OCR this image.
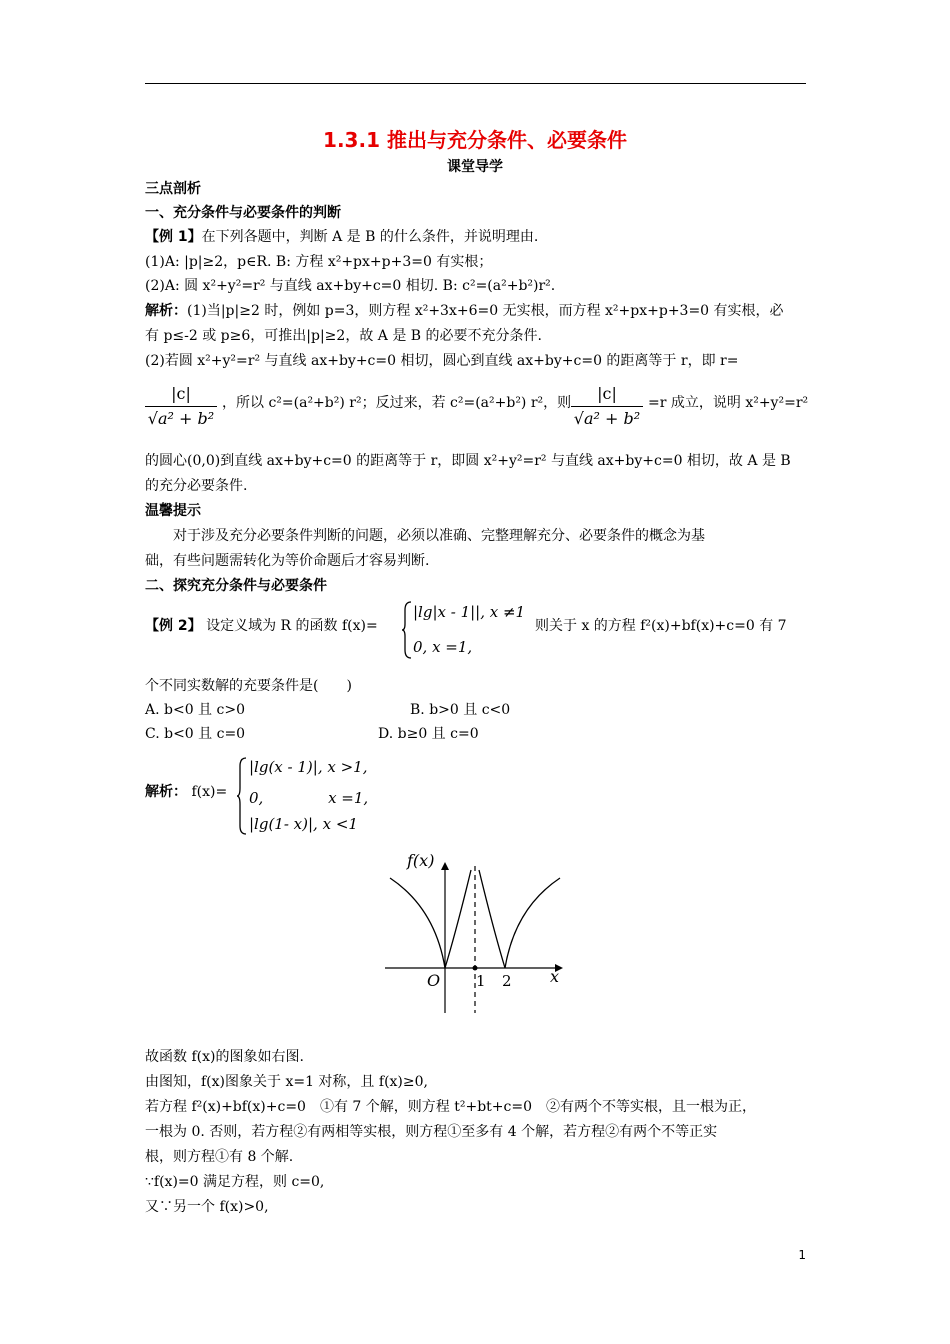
1.3.1 推出与充分条件、必要条件
课堂导学
三点剖析
一、充分条件与必要条件的判断
【例 1】在下列各题中，判断 A 是 B 的什么条件，并说明理由.
(1)A: |p|≥2，p∈R. B: 方程 x²+px+p+3=0 有实根；
(2)A: 圆 x²+y²=r² 与直线 ax+by+c=0 相切. B: c²=(a²+b²)r².
解析：(1)当|p|≥2 时，例如 p=3，则方程 x²+3x+6=0 无实根，而方程 x²+px+p+3=0 有实根，必
有 p≤-2 或 p≥6，可推出|p|≥2，故 A 是 B 的必要不充分条件.
(2)若圆 x²+y²=r² 与直线 ax+by+c=0 相切，圆心到直线 ax+by+c=0 的距离等于 r，即 r=
$\frac{|c|}{\text{√a² + b²}}$ ，所以 c²=(a²+b²) r²；反过来，若 c²=(a²+b²) r²，则 $\frac{|c|}{\text{√a² + b²}} =r$ 成立，说明 x²+y²=r²
的圆心(0,0)到直线 ax+by+c=0 的距离等于 r，即圆 x²+y²=r² 与直线 ax+by+c=0 相切，故 A 是 B
的充分必要条件.
温馨提示
对于涉及充分必要条件判断的问题，必须以准确、完整理解充分、必要条件的概念为基
础，有些问题需转化为等价命题后才容易判断.
二、探究充分条件与必要条件
【例 2】 设定义域为 R 的函数 f(x)=
|lg|x - 1||, x ≠1
0, x =1,
则关于 x 的方程 f²(x)+bf(x)+c=0 有 7
个不同实数解的充要条件是(　　)
A. b<0 且 c>0	B. b>0 且 c<0
C. b<0 且 c=0	D. b≥0 且 c=0
解析： f(x)=
|lg(x - 1)|, x >1,
0,　　　　 x =1,
|lg(1- x)|, x <1
f(x)
O 1 2 x
故函数 f(x)的图象如右图.
由图知，f(x)图象关于 x=1 对称，且 f(x)≥0,
若方程 f²(x)+bf(x)+c=0　①有 7 个解，则方程 t²+bt+c=0　②有两个不等实根，且一根为正，
一根为 0. 否则，若方程②有两相等实根，则方程①至多有 4 个解，若方程②有两个不等正实
根，则方程①有 8 个解.
∵f(x)=0 满足方程，则 c=0,
又∵另一个 f(x)>0,
1
